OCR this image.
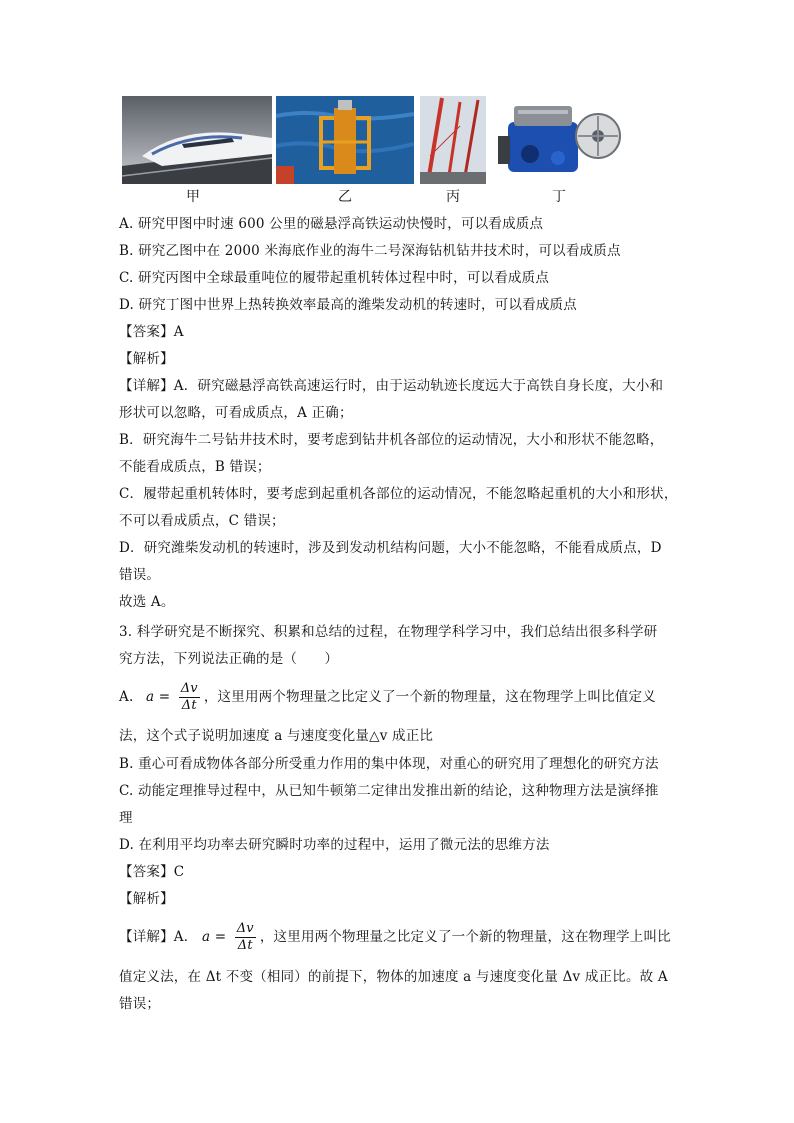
甲	乙	丙	丁
A. 研究甲图中时速 600 公里的磁悬浮高铁运动快慢时，可以看成质点
B. 研究乙图中在 2000 米海底作业的海牛二号深海钻机钻井技术时，可以看成质点
C. 研究丙图中全球最重吨位的履带起重机转体过程中时，可以看成质点
D. 研究丁图中世界上热转换效率最高的潍柴发动机的转速时，可以看成质点
【答案】A
【解析】
【详解】A．研究磁悬浮高铁高速运行时，由于运动轨迹长度远大于高铁自身长度，大小和
形状可以忽略，可看成质点，A 正确；
B．研究海牛二号钻井技术时，要考虑到钻井机各部位的运动情况，大小和形状不能忽略，
不能看成质点，B 错误；
C．履带起重机转体时，要考虑到起重机各部位的运动情况，不能忽略起重机的大小和形状，
不可以看成质点，C 错误；
D．研究潍柴发动机的转速时，涉及到发动机结构问题，大小不能忽略，不能看成质点，D
错误。
故选 A。
3. 科学研究是不断探究、积累和总结的过程，在物理学科学习中，我们总结出很多科学研
究方法，下列说法正确的是（　　）
A. $a = \frac{\Delta v}{\Delta t}$ ，这里用两个物理量之比定义了一个新的物理量，这在物理学上叫比值定义
法，这个式子说明加速度 a 与速度变化量△v 成正比
B. 重心可看成物体各部分所受重力作用的集中体现，对重心的研究用了理想化的研究方法
C. 动能定理推导过程中，从已知牛顿第二定律出发推出新的结论，这种物理方法是演绎推
理
D. 在利用平均功率去研究瞬时功率的过程中，运用了微元法的思维方法
【答案】C
【解析】
【详解】A． $a = \frac{\Delta v}{\Delta t}$ ，这里用两个物理量之比定义了一个新的物理量，这在物理学上叫比
值定义法，在 Δt 不变（相同）的前提下，物体的加速度 a 与速度变化量 Δv 成正比。故 A
错误；
